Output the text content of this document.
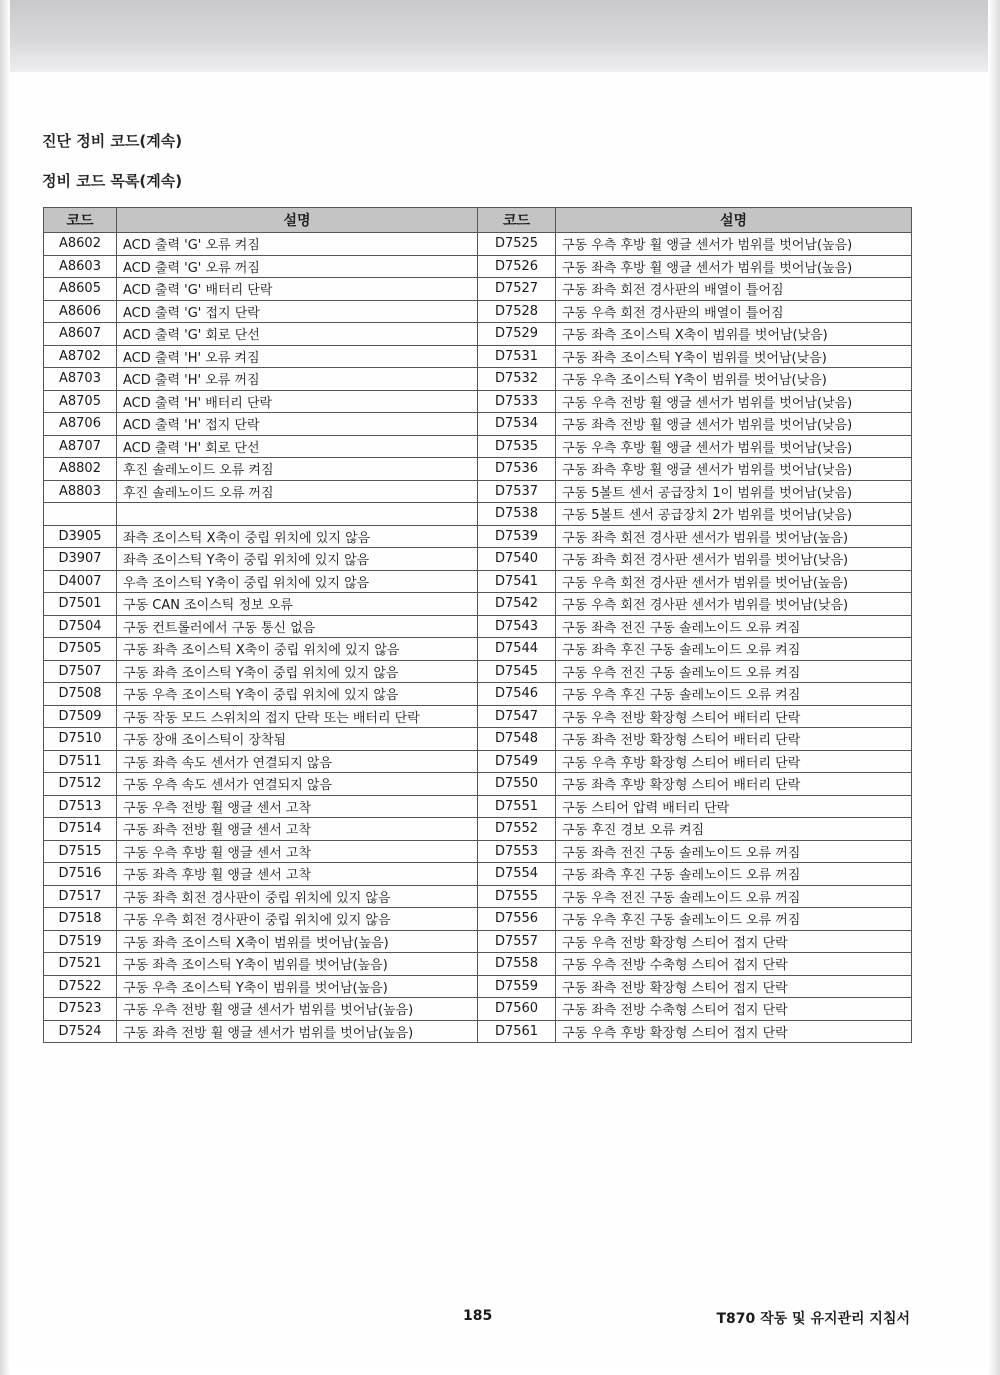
진단 정비 코드(계속)
정비 코드 목록(계속)
코드	설명	코드	설명
A8602	ACD 출력 'G' 오류 켜짐	D7525	구동 우측 후방 휠 앵글 센서가 범위를 벗어남(높음)
A8603	ACD 출력 'G' 오류 꺼짐	D7526	구동 좌측 후방 휠 앵글 센서가 범위를 벗어남(높음)
A8605	ACD 출력 'G' 배터리 단락	D7527	구동 좌측 회전 경사판의 배열이 틀어짐
A8606	ACD 출력 'G' 접지 단락	D7528	구동 우측 회전 경사판의 배열이 틀어짐
A8607	ACD 출력 'G' 회로 단선	D7529	구동 좌측 조이스틱 X축이 범위를 벗어남(낮음)
A8702	ACD 출력 'H' 오류 켜짐	D7531	구동 좌측 조이스틱 Y축이 범위를 벗어남(낮음)
A8703	ACD 출력 'H' 오류 꺼짐	D7532	구동 우측 조이스틱 Y축이 범위를 벗어남(낮음)
A8705	ACD 출력 'H' 배터리 단락	D7533	구동 우측 전방 휠 앵글 센서가 범위를 벗어남(낮음)
A8706	ACD 출력 'H' 접지 단락	D7534	구동 좌측 전방 휠 앵글 센서가 범위를 벗어남(낮음)
A8707	ACD 출력 'H' 회로 단선	D7535	구동 우측 후방 휠 앵글 센서가 범위를 벗어남(낮음)
A8802	후진 솔레노이드 오류 켜짐	D7536	구동 좌측 후방 휠 앵글 센서가 범위를 벗어남(낮음)
A8803	후진 솔레노이드 오류 꺼짐	D7537	구동 5볼트 센서 공급장치 1이 범위를 벗어남(낮음)
		D7538	구동 5볼트 센서 공급장치 2가 범위를 벗어남(낮음)
D3905	좌측 조이스틱 X축이 중립 위치에 있지 않음	D7539	구동 좌측 회전 경사판 센서가 범위를 벗어남(높음)
D3907	좌측 조이스틱 Y축이 중립 위치에 있지 않음	D7540	구동 좌측 회전 경사판 센서가 범위를 벗어남(낮음)
D4007	우측 조이스틱 Y축이 중립 위치에 있지 않음	D7541	구동 우측 회전 경사판 센서가 범위를 벗어남(높음)
D7501	구동 CAN 조이스틱 정보 오류	D7542	구동 우측 회전 경사판 센서가 범위를 벗어남(낮음)
D7504	구동 컨트롤러에서 구동 통신 없음	D7543	구동 좌측 전진 구동 솔레노이드 오류 켜짐
D7505	구동 좌측 조이스틱 X축이 중립 위치에 있지 않음	D7544	구동 좌측 후진 구동 솔레노이드 오류 켜짐
D7507	구동 좌측 조이스틱 Y축이 중립 위치에 있지 않음	D7545	구동 우측 전진 구동 솔레노이드 오류 켜짐
D7508	구동 우측 조이스틱 Y축이 중립 위치에 있지 않음	D7546	구동 우측 후진 구동 솔레노이드 오류 켜짐
D7509	구동 작동 모드 스위치의 접지 단락 또는 배터리 단락	D7547	구동 우측 전방 확장형 스티어 배터리 단락
D7510	구동 장애 조이스틱이 장착됨	D7548	구동 좌측 전방 확장형 스티어 배터리 단락
D7511	구동 좌측 속도 센서가 연결되지 않음	D7549	구동 우측 후방 확장형 스티어 배터리 단락
D7512	구동 우측 속도 센서가 연결되지 않음	D7550	구동 좌측 후방 확장형 스티어 배터리 단락
D7513	구동 우측 전방 휠 앵글 센서 고착	D7551	구동 스티어 압력 배터리 단락
D7514	구동 좌측 전방 휠 앵글 센서 고착	D7552	구동 후진 경보 오류 켜짐
D7515	구동 우측 후방 휠 앵글 센서 고착	D7553	구동 좌측 전진 구동 솔레노이드 오류 꺼짐
D7516	구동 좌측 후방 휠 앵글 센서 고착	D7554	구동 좌측 후진 구동 솔레노이드 오류 꺼짐
D7517	구동 좌측 회전 경사판이 중립 위치에 있지 않음	D7555	구동 우측 전진 구동 솔레노이드 오류 꺼짐
D7518	구동 우측 회전 경사판이 중립 위치에 있지 않음	D7556	구동 우측 후진 구동 솔레노이드 오류 꺼짐
D7519	구동 좌측 조이스틱 X축이 범위를 벗어남(높음)	D7557	구동 우측 전방 확장형 스티어 접지 단락
D7521	구동 좌측 조이스틱 Y축이 범위를 벗어남(높음)	D7558	구동 우측 전방 수축형 스티어 접지 단락
D7522	구동 우측 조이스틱 Y축이 범위를 벗어남(높음)	D7559	구동 좌측 전방 확장형 스티어 접지 단락
D7523	구동 우측 전방 휠 앵글 센서가 범위를 벗어남(높음)	D7560	구동 좌측 전방 수축형 스티어 접지 단락
D7524	구동 좌측 전방 휠 앵글 센서가 범위를 벗어남(높음)	D7561	구동 우측 후방 확장형 스티어 접지 단락
185	T870 작동 및 유지관리 지침서
